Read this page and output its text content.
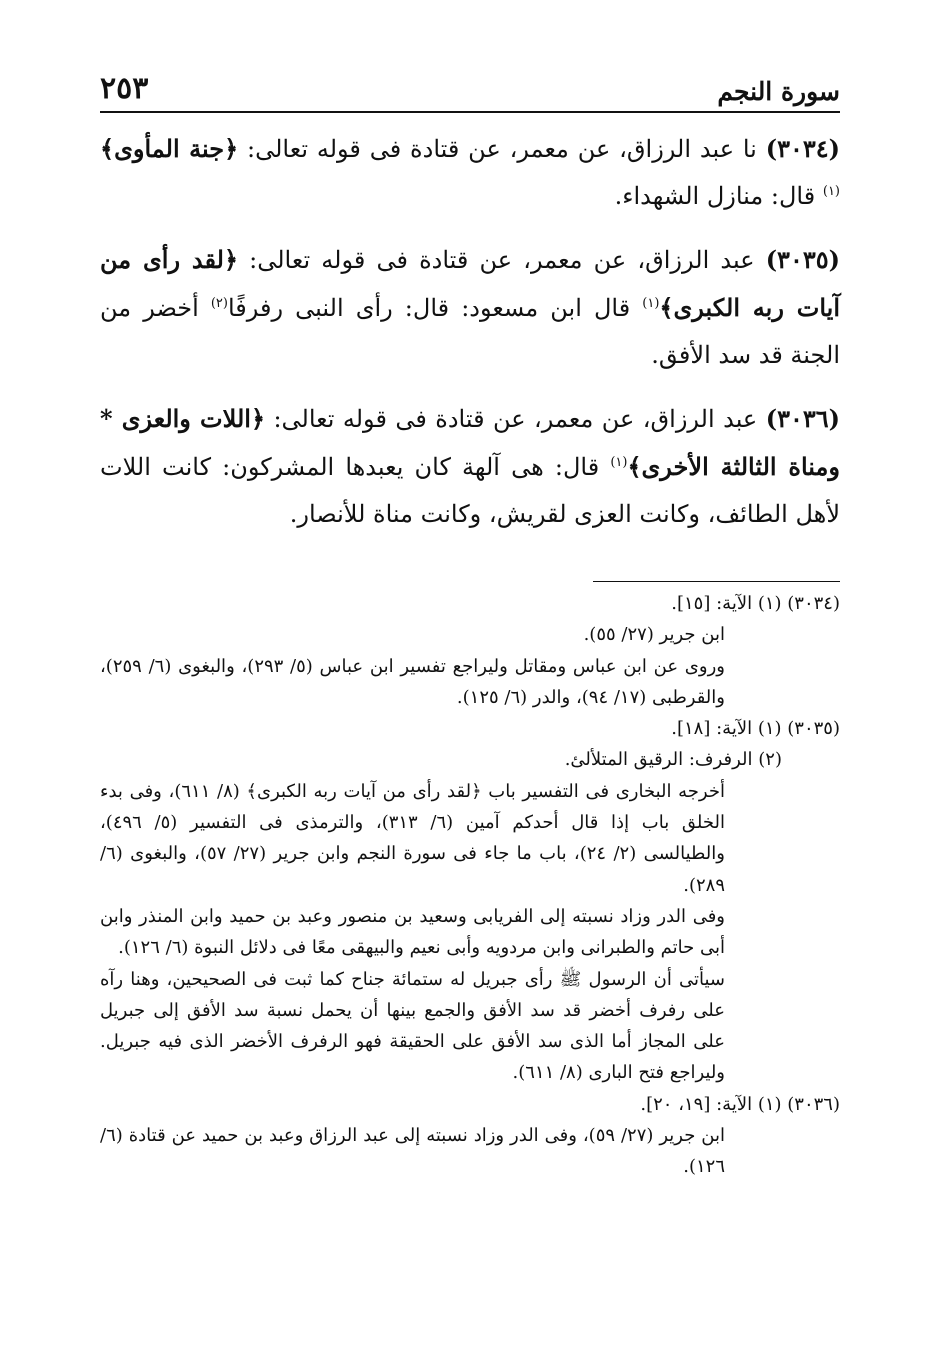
سورة النجم
٢٥٣

(٣٠٣٤) نا عبد الرزاق، عن معمر، عن قتادة فى قوله تعالى: ﴿جنة المأوى﴾$^{(١)}$ قال: منازل الشهداء.

(٣٠٣٥) عبد الرزاق، عن معمر، عن قتادة فى قوله تعالى: ﴿لقد رأى من آيات ربه الكبرى﴾$^{(١)}$ قال ابن مسعود: قال: رأى النبى رفرفًا$^{(٢)}$ أخضر من الجنة قد سد الأفق.

(٣٠٣٦) عبد الرزاق، عن معمر، عن قتادة فى قوله تعالى: ﴿اللات والعزى * ومناة الثالثة الأخرى﴾$^{(١)}$ قال: هى آلهة كان يعبدها المشركون: كانت اللات لأهل الطائف، وكانت العزى لقريش، وكانت مناة للأنصار.

(٣٠٣٤) (١) الآية: [١٥].
ابن جرير (٢٧/ ٥٥).
وروى عن ابن عباس ومقاتل وليراجع تفسير ابن عباس (٥/ ٢٩٣)، والبغوى (٦/ ٢٥٩)، والقرطبى (١٧/ ٩٤)، والدر (٦/ ١٢٥).
(٣٠٣٥) (١) الآية: [١٨].
(٢) الرفرف: الرقيق المتلألئ.
أخرجه البخارى فى التفسير باب ﴿لقد رأى من آيات ربه الكبرى﴾ (٨/ ٦١١)، وفى بدء الخلق باب إذا قال أحدكم آمين (٦/ ٣١٣)، والترمذى فى التفسير (٥/ ٤٩٦)، والطيالسى (٢/ ٢٤)، باب ما جاء فى سورة النجم وابن جرير (٢٧/ ٥٧)، والبغوى (٦/ ٢٨٩).
وفى الدر وزاد نسبته إلى الفريابى وسعيد بن منصور وعبد بن حميد وابن المنذر وابن أبى حاتم والطبرانى وابن مردويه وأبى نعيم والبيهقى معًا فى دلائل النبوة (٦/ ١٢٦).
سيأتى أن الرسول ﷺ رأى جبريل له ستمائة جناح كما ثبت فى الصحيحين، وهنا رآه على رفرف أخضر قد سد الأفق والجمع بينها أن يحمل نسبة سد الأفق إلى جبريل على المجاز أما الذى سد الأفق على الحقيقة فهو الرفرف الأخضر الذى فيه جبريل. وليراجع فتح البارى (٨/ ٦١١).
(٣٠٣٦) (١) الآية: [١٩، ٢٠].
ابن جرير (٢٧/ ٥٩)، وفى الدر وزاد نسبته إلى عبد الرزاق وعبد بن حميد عن قتادة (٦/ ١٢٦).
